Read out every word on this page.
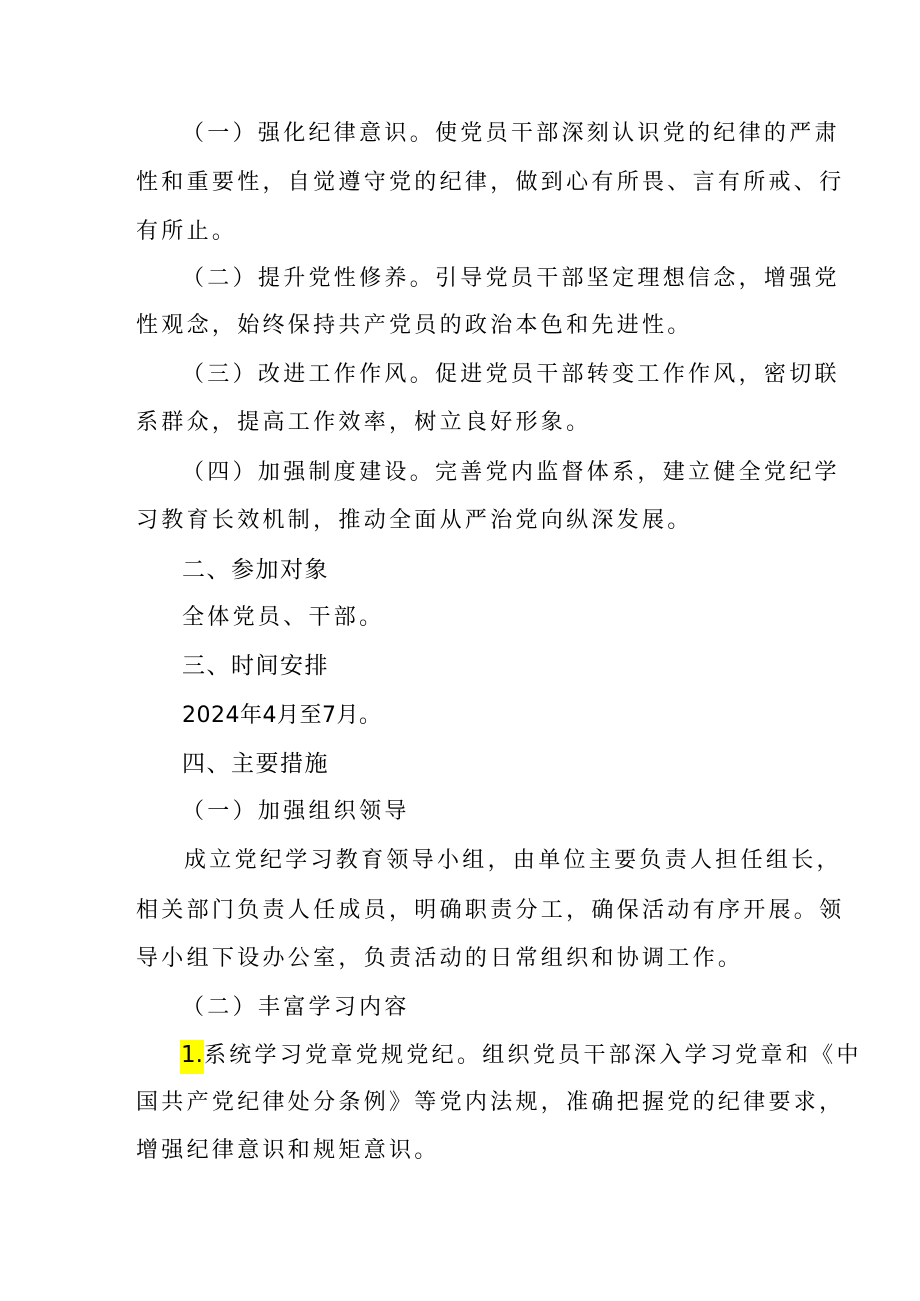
（一）强化纪律意识。使党员干部深刻认识党的纪律的严肃
性和重要性，自觉遵守党的纪律，做到心有所畏、言有所戒、行
有所止。
（二）提升党性修养。引导党员干部坚定理想信念，增强党
性观念，始终保持共产党员的政治本色和先进性。
（三）改进工作作风。促进党员干部转变工作作风，密切联
系群众，提高工作效率，树立良好形象。
（四）加强制度建设。完善党内监督体系，建立健全党纪学
习教育长效机制，推动全面从严治党向纵深发展。
二、参加对象
全体党员、干部。
三、时间安排
2024年4月至7月。
四、主要措施
（一）加强组织领导
成立党纪学习教育领导小组，由单位主要负责人担任组长，
相关部门负责人任成员，明确职责分工，确保活动有序开展。领
导小组下设办公室，负责活动的日常组织和协调工作。
（二）丰富学习内容
1.系统学习党章党规党纪。组织党员干部深入学习党章和《中
国共产党纪律处分条例》等党内法规，准确把握党的纪律要求，
增强纪律意识和规矩意识。
